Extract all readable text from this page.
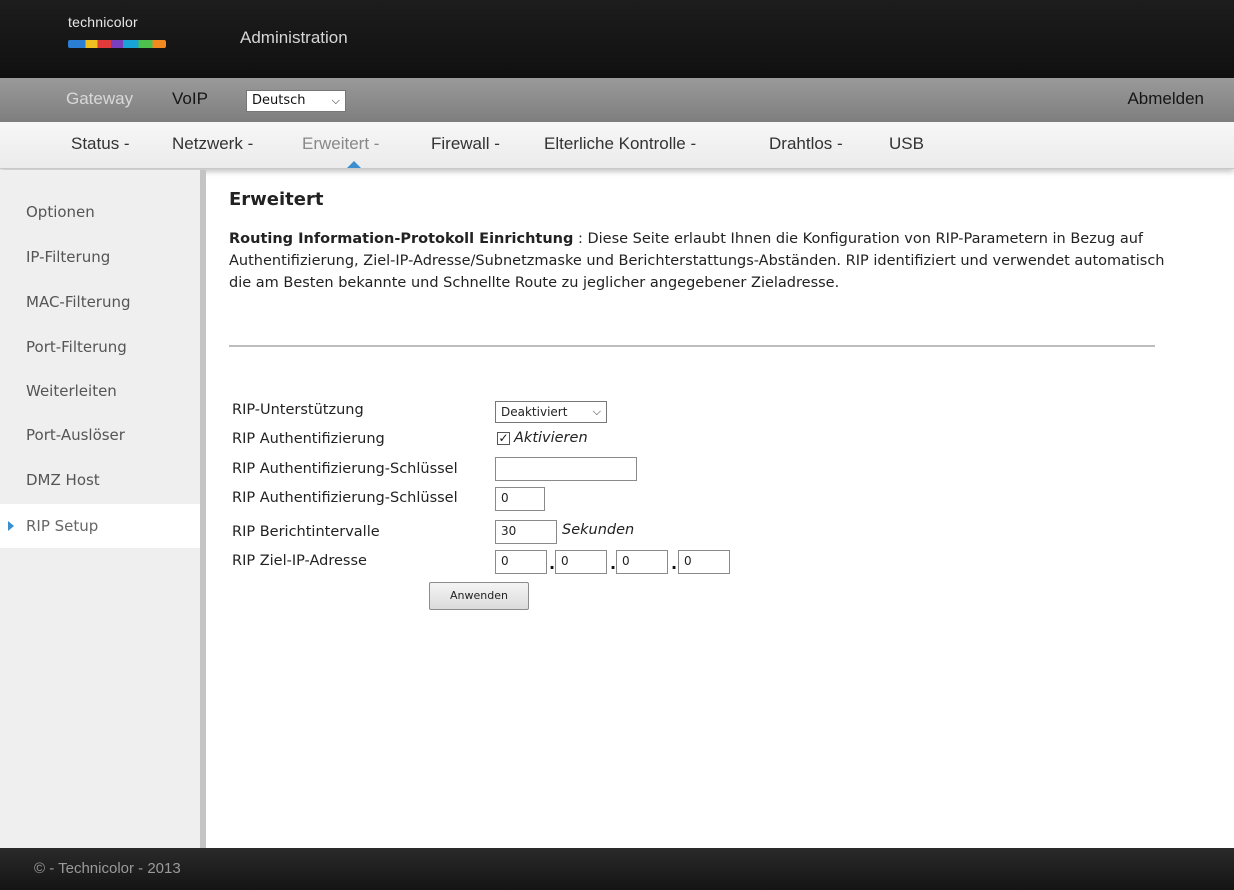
technicolor
Administration
Gateway VoIP	Abmelden
Deutsch ⌵
Status - Netzwerk -	Erweitert -	Firewall -	Elterliche Kontrolle -	Drahtlos -	USB
Optionen
IP-Filterung
MAC-Filterung
Port-Filterung
Weiterleiten
Port-Auslöser
DMZ Host
RIP Setup
Erweitert
Routing Information-Protokoll Einrichtung : Diese Seite erlaubt Ihnen die Konfiguration von RIP-Parametern in Bezug auf Authentifizierung, Ziel-IP-Adresse/Subnetzmaske und Berichterstattungs-Abständen. RIP identifiziert und verwendet automatisch die am Besten bekannte und Schnellte Route zu jeglicher angegebener Zieladresse.
RIP-Unterstützung	Deaktiviert ⌵
RIP Authentifizierung	✓ Aktivieren
RIP Authentifizierung-Schlüssel
RIP Authentifizierung-Schlüssel	0
RIP Berichtintervalle	30	Sekunden
RIP Ziel-IP-Adresse	0	. 0	. 0	. 0
Anwenden
© - Technicolor - 2013
